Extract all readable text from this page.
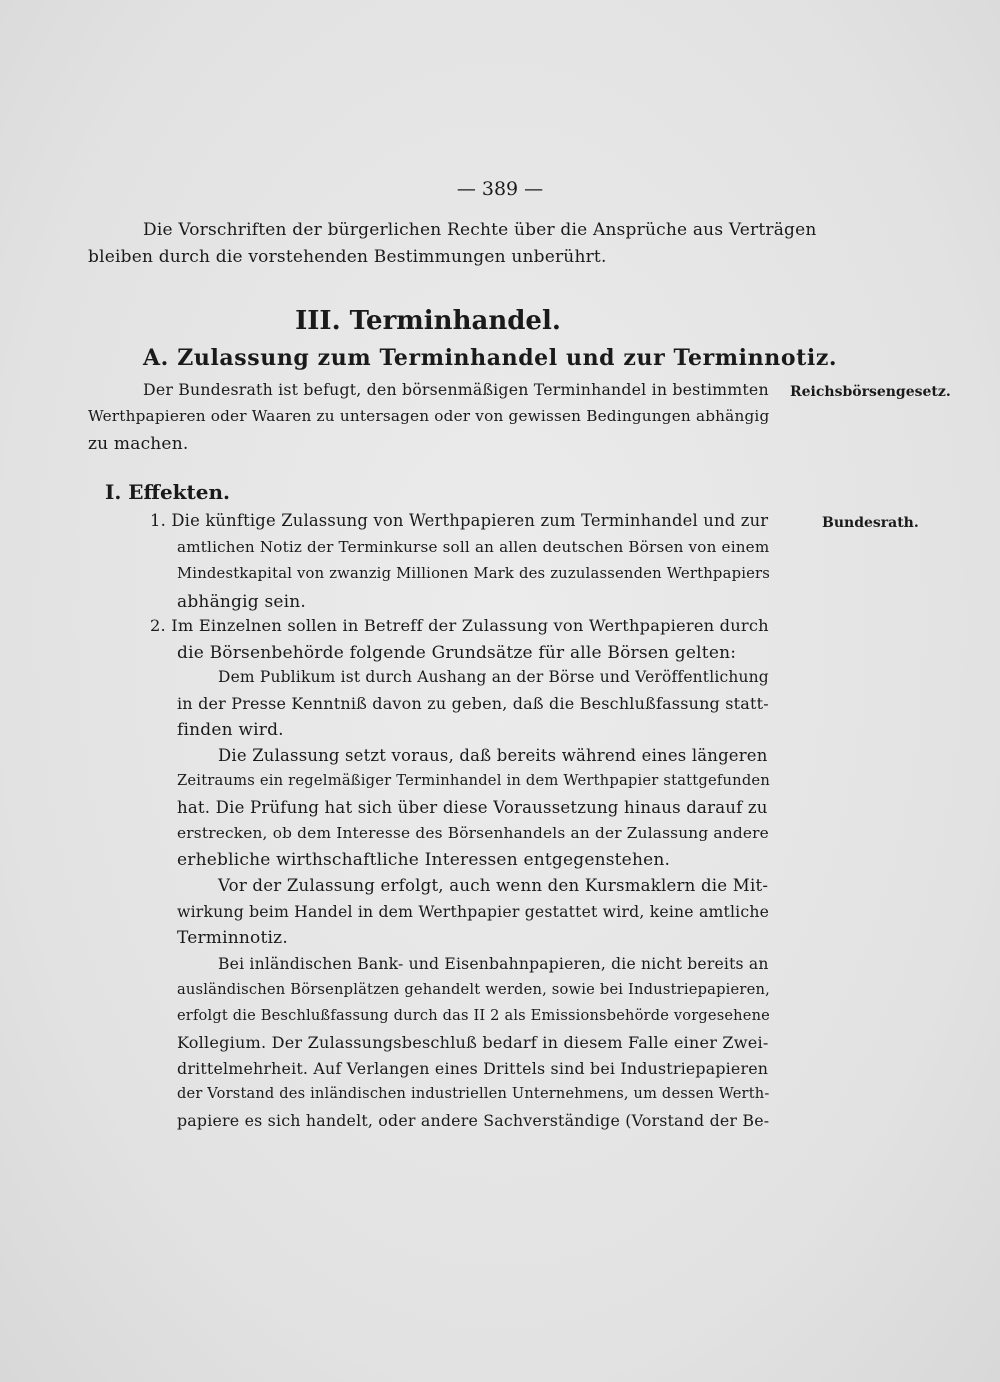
— 389 —
Die Vorschriften der bürgerlichen Rechte über die Ansprüche aus Verträgen
bleiben durch die vorstehenden Bestimmungen unberührt.
III. Terminhandel.
A. Zulassung zum Terminhandel und zur Terminnotiz.
Der Bundesrath ist befugt, den börsenmäßigen Terminhandel in bestimmten
Werthpapieren oder Waaren zu untersagen oder von gewissen Bedingungen abhängig
zu machen.
Reichsbörsengesetz.
I. Effekten.
1. Die künftige Zulassung von Werthpapieren zum Terminhandel und zur
amtlichen Notiz der Terminkurse soll an allen deutschen Börsen von einem
Mindestkapital von zwanzig Millionen Mark des zuzulassenden Werthpapiers
abhängig sein.
Bundesrath.
2. Im Einzelnen sollen in Betreff der Zulassung von Werthpapieren durch
die Börsenbehörde folgende Grundsätze für alle Börsen gelten:
Dem Publikum ist durch Aushang an der Börse und Veröffentlichung
in der Presse Kenntniß davon zu geben, daß die Beschlußfassung statt-
finden wird.
Die Zulassung setzt voraus, daß bereits während eines längeren
Zeitraums ein regelmäßiger Terminhandel in dem Werthpapier stattgefunden
hat. Die Prüfung hat sich über diese Voraussetzung hinaus darauf zu
erstrecken, ob dem Interesse des Börsenhandels an der Zulassung andere
erhebliche wirthschaftliche Interessen entgegenstehen.
Vor der Zulassung erfolgt, auch wenn den Kursmaklern die Mit-
wirkung beim Handel in dem Werthpapier gestattet wird, keine amtliche
Terminnotiz.
Bei inländischen Bank- und Eisenbahnpapieren, die nicht bereits an
ausländischen Börsenplätzen gehandelt werden, sowie bei Industriepapieren,
erfolgt die Beschlußfassung durch das II 2 als Emissionsbehörde vorgesehene
Kollegium. Der Zulassungsbeschluß bedarf in diesem Falle einer Zwei-
drittelmehrheit. Auf Verlangen eines Drittels sind bei Industriepapieren
der Vorstand des inländischen industriellen Unternehmens, um dessen Werth-
papiere es sich handelt, oder andere Sachverständige (Vorstand der Be-
